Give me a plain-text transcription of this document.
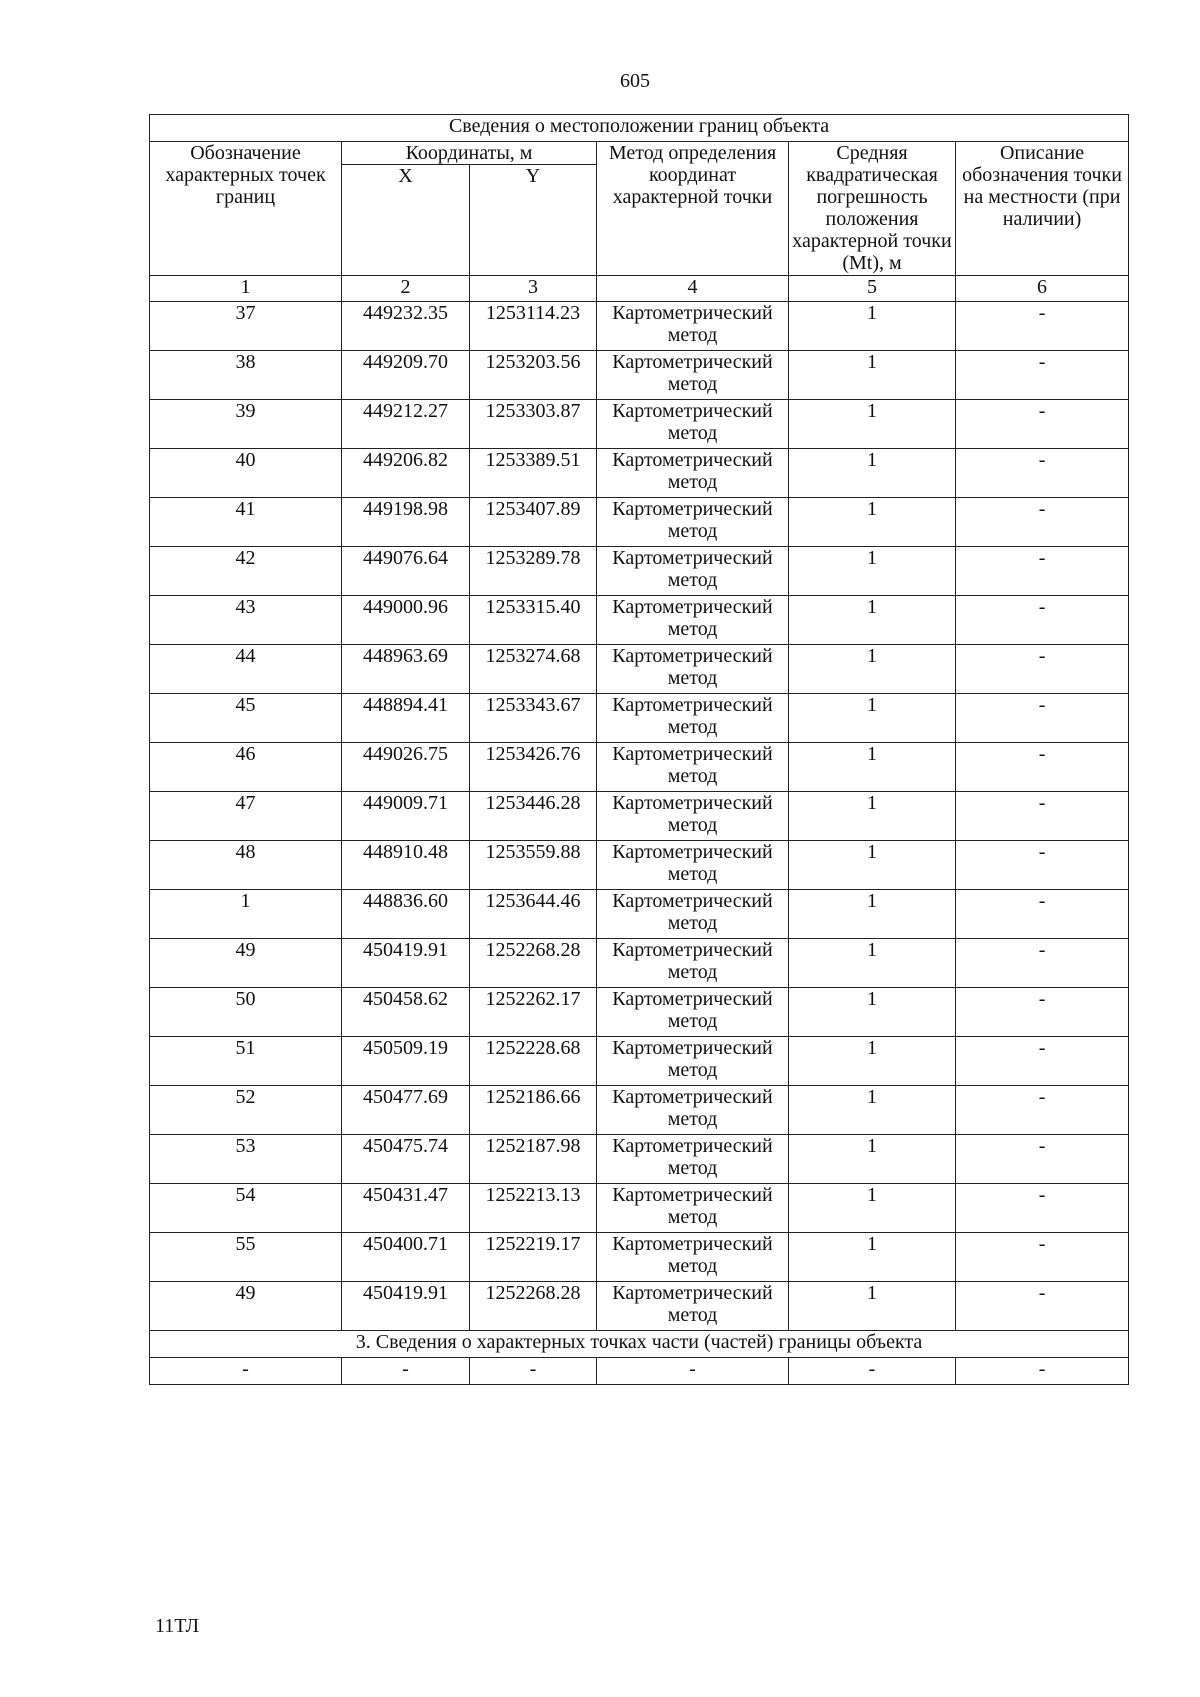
605
Сведения о местоположении границ объекта					
Обозначение характерных точек границ	Координаты, м		Метод определения координат характерной точки	Средняя квадратическая погрешность положения характерной точки (Mt), м	Описание обозначения точки на местности (при наличии)
	X	Y			
1	2	3	4	5	6
37	449232.35	1253114.23	Картометрический метод	1	-
38	449209.70	1253203.56	Картометрический метод	1	-
39	449212.27	1253303.87	Картометрический метод	1	-
40	449206.82	1253389.51	Картометрический метод	1	-
41	449198.98	1253407.89	Картометрический метод	1	-
42	449076.64	1253289.78	Картометрический метод	1	-
43	449000.96	1253315.40	Картометрический метод	1	-
44	448963.69	1253274.68	Картометрический метод	1	-
45	448894.41	1253343.67	Картометрический метод	1	-
46	449026.75	1253426.76	Картометрический метод	1	-
47	449009.71	1253446.28	Картометрический метод	1	-
48	448910.48	1253559.88	Картометрический метод	1	-
1	448836.60	1253644.46	Картометрический метод	1	-
49	450419.91	1252268.28	Картометрический метод	1	-
50	450458.62	1252262.17	Картометрический метод	1	-
51	450509.19	1252228.68	Картометрический метод	1	-
52	450477.69	1252186.66	Картометрический метод	1	-
53	450475.74	1252187.98	Картометрический метод	1	-
54	450431.47	1252213.13	Картометрический метод	1	-
55	450400.71	1252219.17	Картометрический метод	1	-
49	450419.91	1252268.28	Картометрический метод	1	-
3. Сведения о характерных точках части (частей) границы объекта					
-	-	-	-	-	-
11ТЛ
